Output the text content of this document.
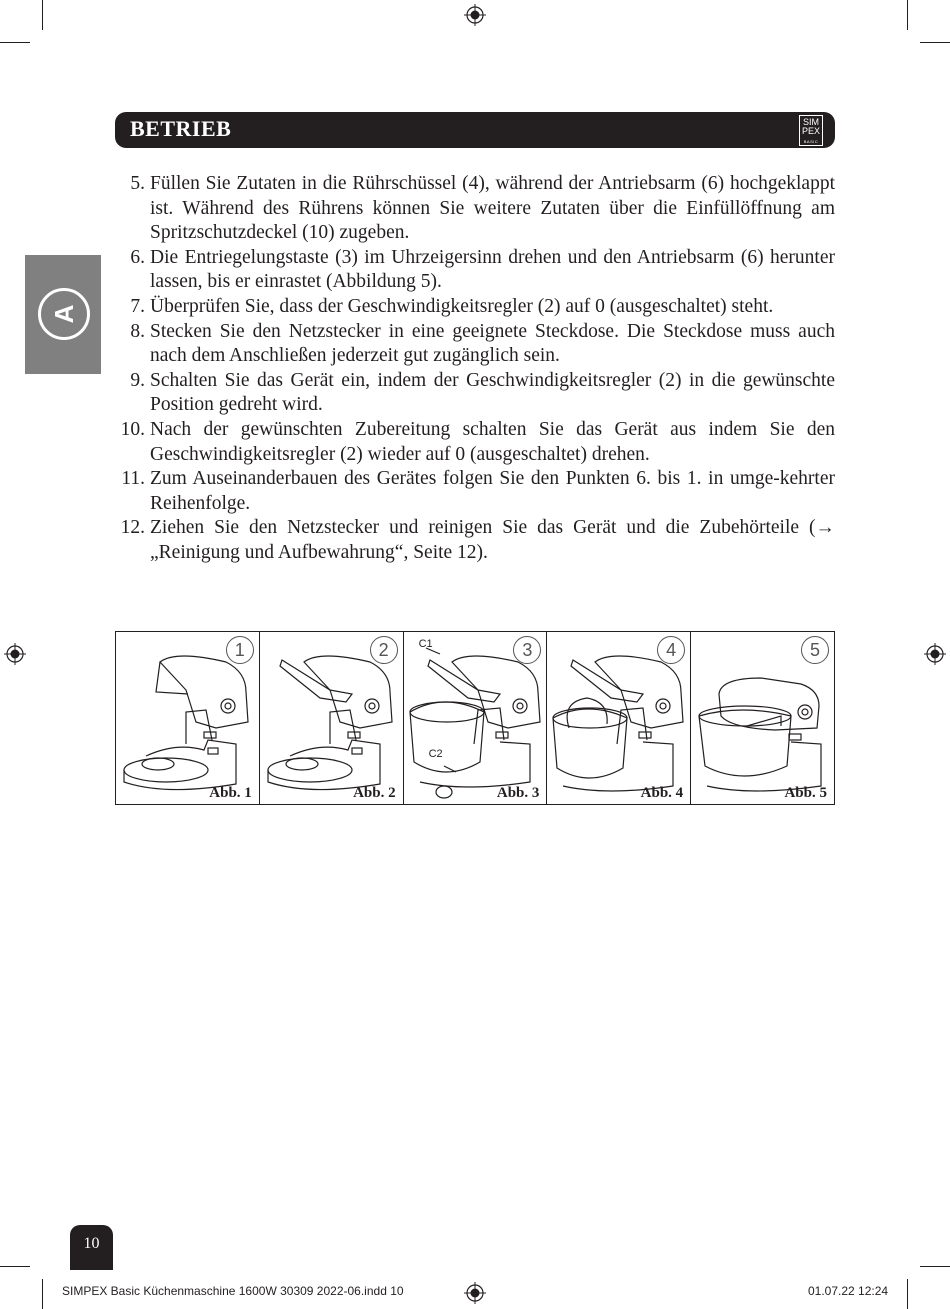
BETRIEB	SIM
PEX
BASIC
A
5. Füllen Sie Zutaten in die Rührschüssel (4), während der Antriebsarm (6) hochgeklappt ist. Während des Rührens können Sie weitere Zutaten über die Einfüllöffnung am Spritzschutzdeckel (10) zugeben.
6. Die Entriegelungstaste (3) im Uhrzeigersinn drehen und den Antriebsarm (6) herunter lassen, bis er einrastet (Abbildung 5).
7. Überprüfen Sie, dass der Geschwindigkeitsregler (2) auf 0 (ausgeschaltet) steht.
8. Stecken Sie den Netzstecker in eine geeignete Steckdose. Die Steckdose muss auch nach dem Anschließen jederzeit gut zugänglich sein.
9. Schalten Sie das Gerät ein, indem der Geschwindigkeitsregler (2) in die gewünschte Position gedreht wird.
10. Nach der gewünschten Zubereitung schalten Sie das Gerät aus indem Sie den Geschwindigkeitsregler (2) wieder auf 0 (ausgeschaltet) drehen.
11. Zum Auseinanderbauen des Gerätes folgen Sie den Punkten 6. bis 1. in umge-kehrter Reihenfolge.
12. Ziehen Sie den Netzstecker und reinigen Sie das Gerät und die Zubehörteile (→ „Reinigung und Aufbewahrung“, Seite 12).
1
Abb. 1
2
Abb. 2
C1
C2
3
Abb. 3
4
Abb. 4
5
Abb. 5
10
SIMPEX Basic Küchenmaschine 1600W 30309 2022-06.indd 10	01.07.22 12:24
